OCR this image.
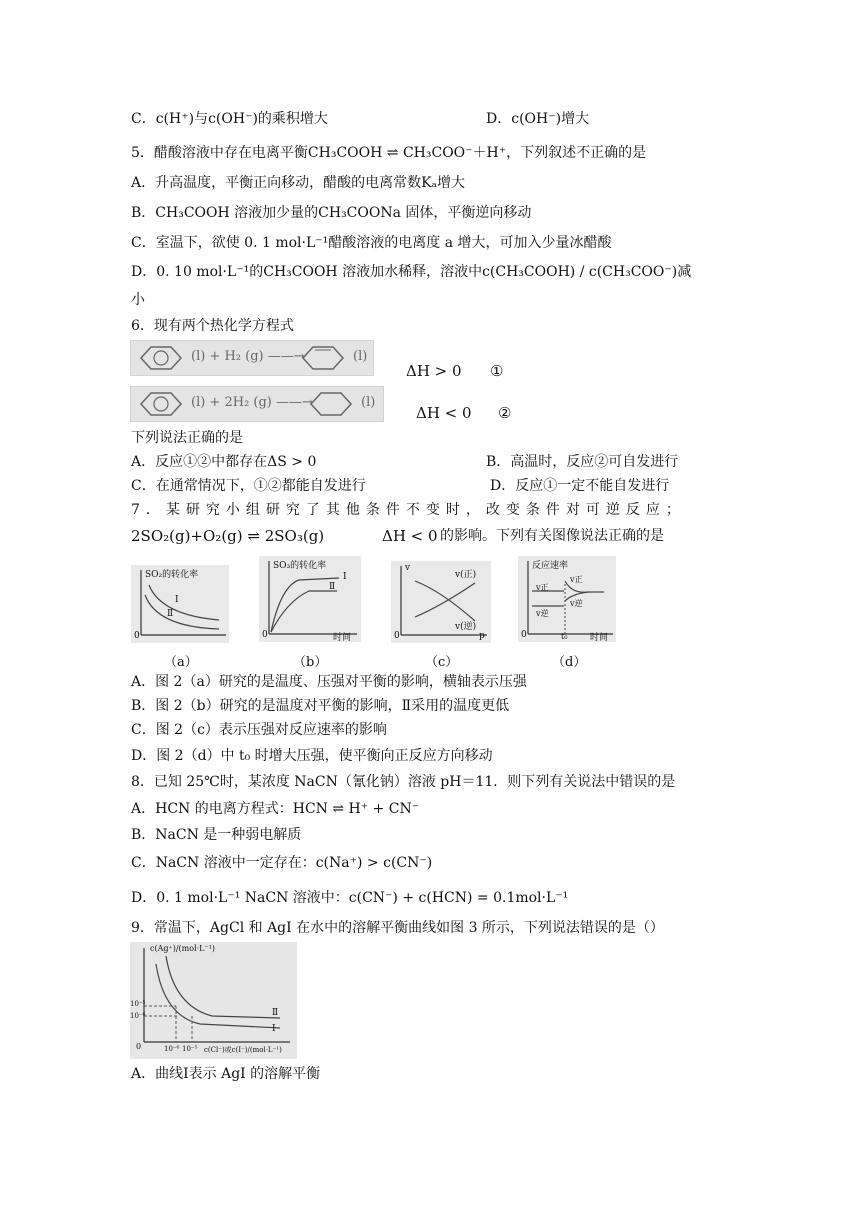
C．c(H⁺)与c(OH⁻)的乘积增大	D．c(OH⁻)增大
5．醋酸溶液中存在电离平衡CH₃COOH ⇌ CH₃COO⁻＋H⁺，下列叙述不正确的是
A．升高温度，平衡正向移动，醋酸的电离常数Kₐ增大
B．CH₃COOH 溶液加少量的CH₃COONa 固体，平衡逆向移动
C．室温下，欲使 0. 1 mol·L⁻¹醋酸溶液的电离度 a 增大，可加入少量冰醋酸
D．0. 10 mol·L⁻¹的CH₃COOH 溶液加水稀释，溶液中c(CH₃COOH) / c(CH₃COO⁻)减
小
6．现有两个热化学方程式
(l) + H₂ (g) ——→	(l)
ΔH > 0 ①
(l) + 2H₂ (g) ——→	(l)
ΔH < 0 ②
下列说法正确的是
A．反应①②中都存在ΔS > 0	B．高温时，反应②可自发进行
C．在通常情况下，①②都能自发进行	D．反应①一定不能自发进行
7．某研究小组研究了其他条件不变时，改变条件对可逆反应；
2SO₂(g)+O₂(g) ⇌ 2SO₃(g)	ΔH < 0 的影响。下列有关图像说法正确的是
SO₂的转化率
Ⅰ
Ⅱ
0
（a）
SO₃的转化率
Ⅰ
Ⅱ
0	时间
（b）
v
v(正)
v(逆)
0	p
（c）
反应速率
v正
v逆
v正
v逆
0	t₀	时间
（d）
A．图 2（a）研究的是温度、压强对平衡的影响，横轴表示压强
B．图 2（b）研究的是温度对平衡的影响，Ⅱ采用的温度更低
C．图 2（c）表示压强对反应速率的影响
D．图 2（d）中 t₀ 时增大压强，使平衡向正反应方向移动
8．已知 25℃时，某浓度 NaCN（氰化钠）溶液 pH＝11．则下列有关说法中错误的是
A．HCN 的电离方程式：HCN ⇌ H⁺ + CN⁻
B．NaCN 是一种弱电解质
C．NaCN 溶液中一定存在：c(Na⁺) > c(CN⁻)
D．0. 1 mol·L⁻¹ NaCN 溶液中：c(CN⁻) + c(HCN) = 0.1mol·L⁻¹
9．常温下，AgCl 和 AgI 在水中的溶解平衡曲线如图 3 所示，下列说法错误的是（）
c(Ag⁺)/(mol·L⁻¹)
10⁻⁵
10⁻⁶	Ⅱ
Ⅰ
0	10⁻⁶ 10⁻⁵ c(Cl⁻)或c(I⁻)/(mol·L⁻¹)
A．曲线Ⅰ表示 AgI 的溶解平衡
